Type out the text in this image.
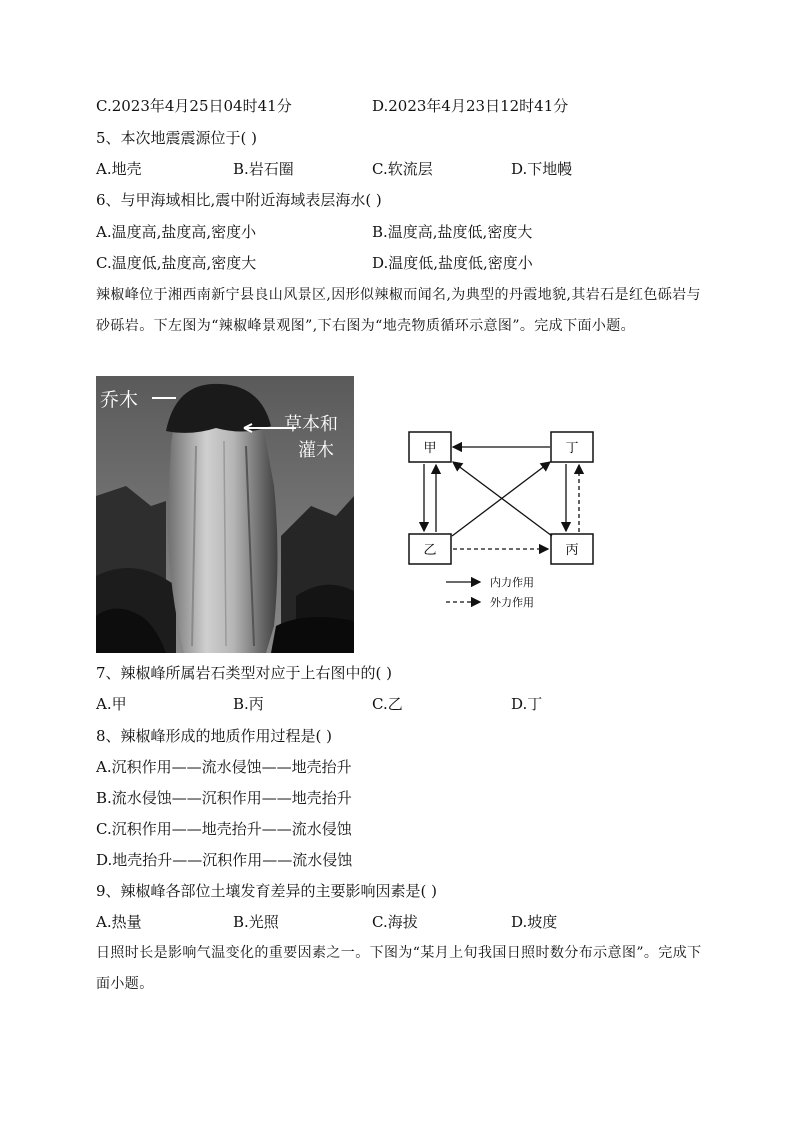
C.2023年4月25日04时41分	D.2023年4月23日12时41分
5、本次地震震源位于( )
A.地壳	B.岩石圈	C.软流层	D.下地幔
6、与甲海域相比,震中附近海域表层海水( )
A.温度高,盐度高,密度小	B.温度高,盐度低,密度大
C.温度低,盐度高,密度大	D.温度低,盐度低,密度小
辣椒峰位于湘西南新宁县良山风景区,因形似辣椒而闻名,为典型的丹霞地貌,其岩石是红色砾岩与砂砾岩。下左图为“辣椒峰景观图”,下右图为“地壳物质循环示意图”。完成下面小题。
乔木
草本和
灌木	甲	丁
乙	丙
内力作用
外力作用
7、辣椒峰所属岩石类型对应于上右图中的( )
A.甲	B.丙	C.乙	D.丁
8、辣椒峰形成的地质作用过程是( )
A.沉积作用——流水侵蚀——地壳抬升
B.流水侵蚀——沉积作用——地壳抬升
C.沉积作用——地壳抬升——流水侵蚀
D.地壳抬升——沉积作用——流水侵蚀
9、辣椒峰各部位土壤发育差异的主要影响因素是( )
A.热量	B.光照	C.海拔	D.坡度
日照时长是影响气温变化的重要因素之一。下图为“某月上旬我国日照时数分布示意图”。完成下面小题。
